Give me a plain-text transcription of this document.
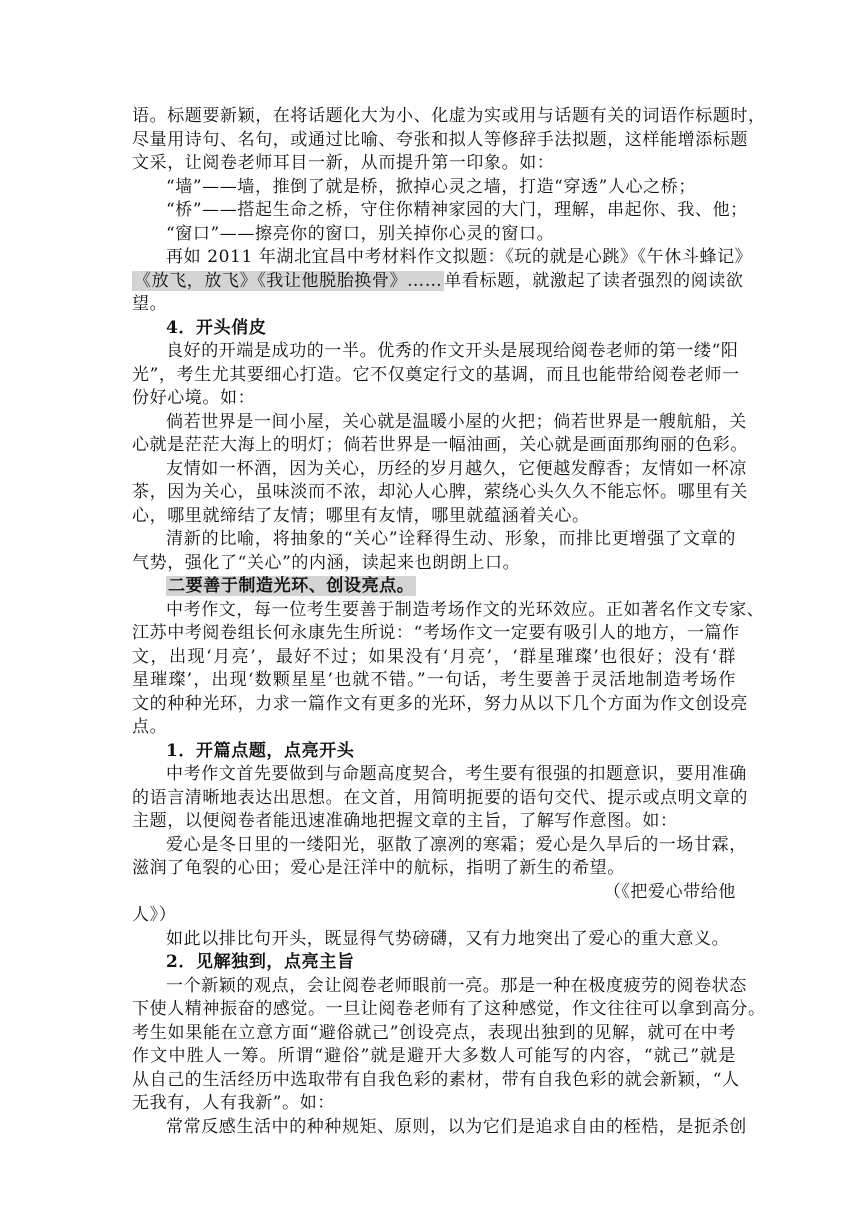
语。标题要新颖，在将话题化大为小、化虚为实或用与话题有关的词语作标题时，
尽量用诗句、名句，或通过比喻、夸张和拟人等修辞手法拟题，这样能增添标题
文采，让阅卷老师耳目一新，从而提升第一印象。如：
“墙”——墙，推倒了就是桥，掀掉心灵之墙，打造“穿透”人心之桥；
“桥”——搭起生命之桥，守住你精神家园的大门，理解，串起你、我、他；
“窗口”——擦亮你的窗口，别关掉你心灵的窗口。
再如 2011 年湖北宜昌中考材料作文拟题：《玩的就是心跳》《午休斗蜂记》
《放飞，放飞》《我让他脱胎换骨》…… 单看标题，就激起了读者强烈的阅读欲
望。
4．开头俏皮
良好的开端是成功的一半。优秀的作文开头是展现给阅卷老师的第一缕“阳
光”，考生尤其要细心打造。它不仅奠定行文的基调，而且也能带给阅卷老师一
份好心境。如：
倘若世界是一间小屋，关心就是温暖小屋的火把；倘若世界是一艘航船，关
心就是茫茫大海上的明灯；倘若世界是一幅油画，关心就是画面那绚丽的色彩。
友情如一杯酒，因为关心，历经的岁月越久，它便越发醇香；友情如一杯凉
茶，因为关心，虽味淡而不浓，却沁人心脾，萦绕心头久久不能忘怀。哪里有关
心，哪里就缔结了友情；哪里有友情，哪里就蕴涵着关心。
清新的比喻，将抽象的“关心”诠释得生动、形象，而排比更增强了文章的
气势，强化了“关心”的内涵，读起来也朗朗上口。
二要善于制造光环、创设亮点。
中考作文，每一位考生要善于制造考场作文的光环效应。正如著名作文专家、
江苏中考阅卷组长何永康先生所说：“考场作文一定要有吸引人的地方，一篇作
文，出现‘月亮’，最好不过；如果没有‘月亮’，‘群星璀璨’也很好；没有‘群
星璀璨’，出现‘数颗星星’也就不错。”一句话，考生要善于灵活地制造考场作
文的种种光环，力求一篇作文有更多的光环，努力从以下几个方面为作文创设亮
点。
1．开篇点题，点亮开头
中考作文首先要做到与命题高度契合，考生要有很强的扣题意识，要用准确
的语言清晰地表达出思想。在文首，用简明扼要的语句交代、提示或点明文章的
主题，以便阅卷者能迅速准确地把握文章的主旨，了解写作意图。如：
爱心是冬日里的一缕阳光，驱散了凛冽的寒霜；爱心是久旱后的一场甘霖，
滋润了龟裂的心田；爱心是汪洋中的航标，指明了新生的希望。
（《把爱心带给他
人》）
如此以排比句开头，既显得气势磅礴，又有力地突出了爱心的重大意义。
2．见解独到，点亮主旨
一个新颖的观点，会让阅卷老师眼前一亮。那是一种在极度疲劳的阅卷状态
下使人精神振奋的感觉。一旦让阅卷老师有了这种感觉，作文往往可以拿到高分。
考生如果能在立意方面“避俗就己”创设亮点，表现出独到的见解，就可在中考
作文中胜人一筹。所谓“避俗”就是避开大多数人可能写的内容，“就己”就是
从自己的生活经历中选取带有自我色彩的素材，带有自我色彩的就会新颖，“人
无我有，人有我新”。如：
常常反感生活中的种种规矩、原则，以为它们是追求自由的桎梏，是扼杀创
